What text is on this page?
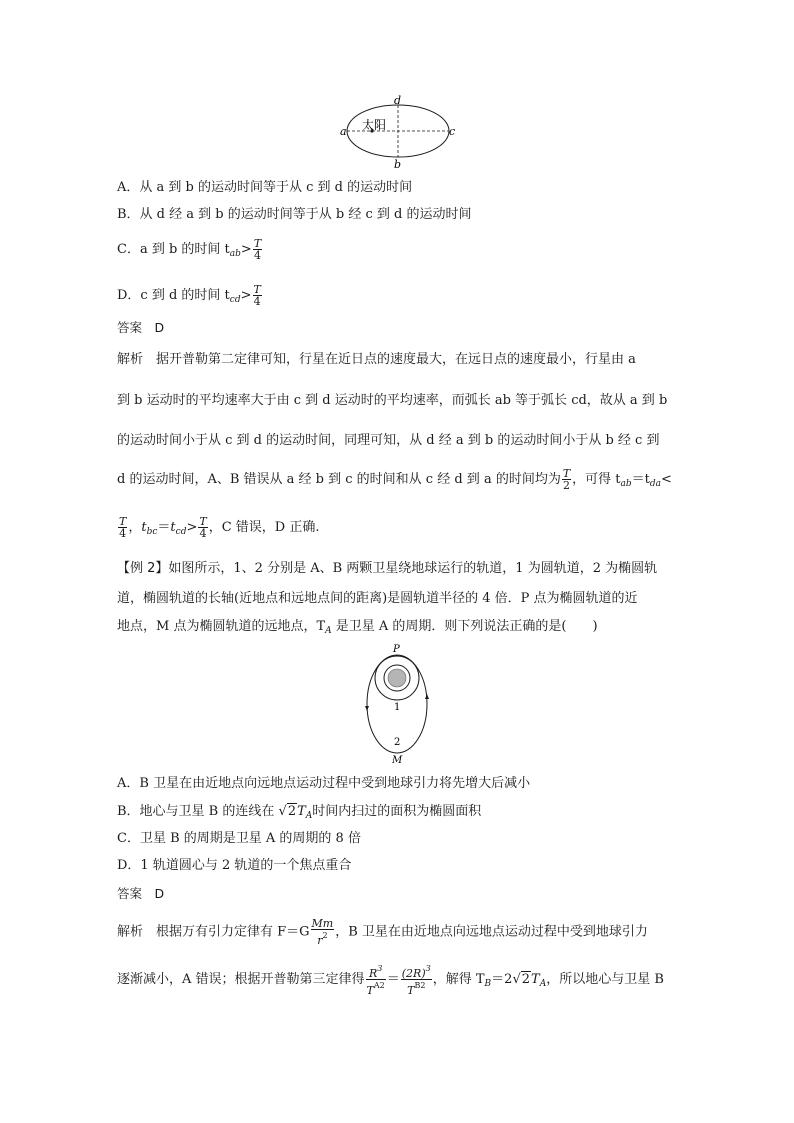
太阳
a	c
d
b
A．从 a 到 b 的运动时间等于从 c 到 d 的运动时间
B．从 d 经 a 到 b 的运动时间等于从 b 经 c 到 d 的运动时间
C．a 到 b 的时间 $t_{ab}> \frac{T}{4}$
D．c 到 d 的时间 $t_{cd}> \frac{T}{4}$
答案　D
解析　据开普勒第二定律可知，行星在近日点的速度最大，在远日点的速度最小，行星由 a
到 b 运动时的平均速率大于由 c 到 d 运动时的平均速率，而弧长 ab 等于弧长 cd，故从 a 到 b
的运动时间小于从 c 到 d 的运动时间，同理可知，从 d 经 a 到 b 的运动时间小于从 b 经 c 到
d 的运动时间，A、B 错误从 a 经 b 到 c 的时间和从 c 经 d 到 a 的时间均为 $\frac{T}{2}$ ，可得 $t_{ab}=t_{da}<$
$\frac{T}{4}$ ，$t_{bc}=t_{cd}> \frac{T}{4}$ ，C 错误，D 正确.
【例 2】如图所示，1、2 分别是 A、B 两颗卫星绕地球运行的轨道，1 为圆轨道，2 为椭圆轨
道，椭圆轨道的长轴(近地点和远地点间的距离)是圆轨道半径的 4 倍．P 点为椭圆轨道的近
地点，M 点为椭圆轨道的远地点，$T_A$ 是卫星 A 的周期．则下列说法正确的是(　　)
P
1
2
M
A．B 卫星在由近地点向远地点运动过程中受到地球引力将先增大后减小
B．地心与卫星 B 的连线在 $√2T_A$时间内扫过的面积为椭圆面积
C．卫星 B 的周期是卫星 A 的周期的 8 倍
D．1 轨道圆心与 2 轨道的一个焦点重合
答案　D
解析　根据万有引力定律有 $F=G \frac{Mm}{r^2}$ ，B 卫星在由近地点向远地点运动过程中受到地球引力
逐渐减小，A 错误；根据开普勒第三定律得 $\frac{R^3}{T^{A2}} = \frac{(2R)^3}{T^{B2}}$ ，解得 $T_B=2√2T_A$，所以地心与卫星 B
